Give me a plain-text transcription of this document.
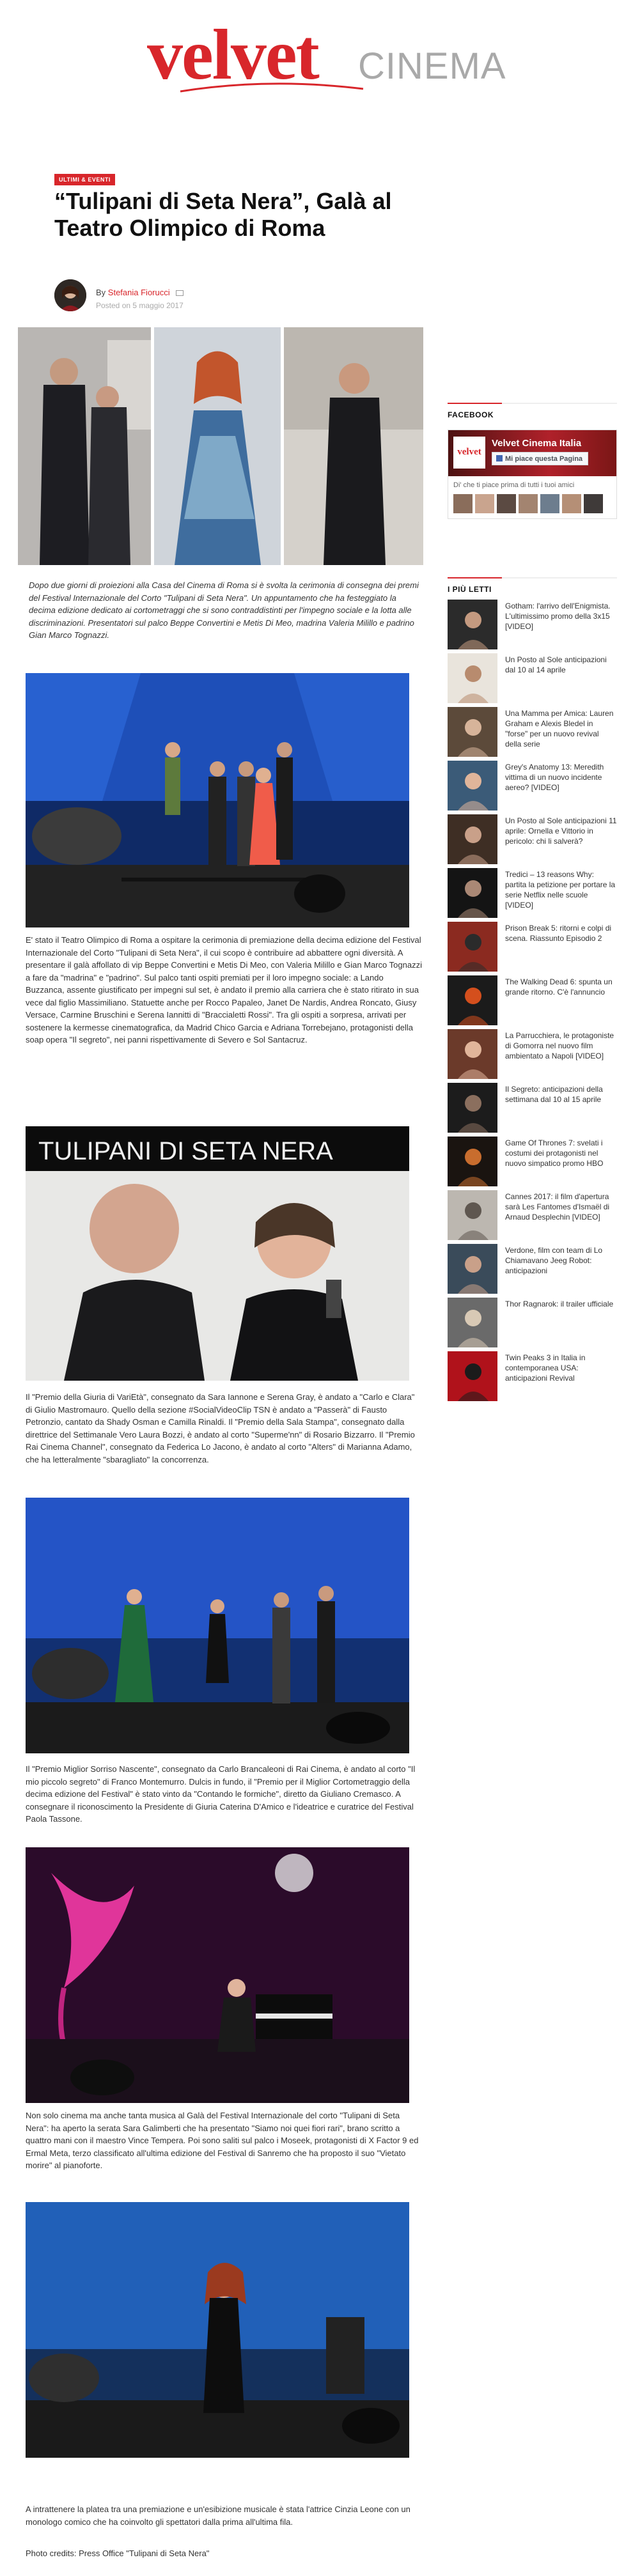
velvet CINEMA
ULTIMI & EVENTI
“Tulipani di Seta Nera”, Galà al Teatro Olimpico di Roma
By Stefania Fiorucci
Posted on 5 maggio 2017

Dopo due giorni di proiezioni alla Casa del Cinema di Roma si è svolta la cerimonia di consegna dei premi del Festival Internazionale del Corto "Tulipani di Seta Nera". Un appuntamento che ha festeggiato la decima edizione dedicato ai cortometraggi che si sono contraddistinti per l'impegno sociale e la lotta alle discriminazioni. Presentatori sul palco Beppe Convertini e Metis Di Meo, madrina Valeria Milillo e padrino Gian Marco Tognazzi.

E' stato il Teatro Olimpico di Roma a ospitare la cerimonia di premiazione della decima edizione del Festival Internazionale del Corto "Tulipani di Seta Nera", il cui scopo è contribuire ad abbattere ogni diversità. A presentare il galà affollato di vip Beppe Convertini e Metis Di Meo, con Valeria Milillo e Gian Marco Tognazzi a fare da "madrina" e "padrino". Sul palco tanti ospiti premiati per il loro impegno sociale: a Lando Buzzanca, assente giustificato per impegni sul set, è andato il premio alla carriera che è stato ritirato in sua vece dal figlio Massimiliano. Statuette anche per Rocco Papaleo, Janet De Nardis, Andrea Roncato, Giusy Versace, Carmine Bruschini e Serena Iannitti di "Braccialetti Rossi". Tra gli ospiti a sorpresa, arrivati per sostenere la kermesse cinematografica, da Madrid Chico Garcia e Adriana Torrebejano, protagonisti della soap opera "Il segreto", nei panni rispettivamente di Severo e Sol Santacruz.

TULIPANI DI SETA NERA

Il "Premio della Giuria di VariEtà", consegnato da Sara Iannone e Serena Gray, è andato a "Carlo e Clara" di Giulio Mastromauro. Quello della sezione #SocialVideoClip TSN è andato a "Passerà" di Fausto Petronzio, cantato da Shady Osman e Camilla Rinaldi. Il "Premio della Sala Stampa", consegnato dalla direttrice del Settimanale Vero Laura Bozzi, è andato al corto "Superme'nn" di Rosario Bizzarro. Il "Premio Rai Cinema Channel", consegnato da Federica Lo Jacono, è andato al corto "Alters" di Marianna Adamo, che ha letteralmente "sbaragliato" la concorrenza.

Il "Premio Miglior Sorriso Nascente", consegnato da Carlo Brancaleoni di Rai Cinema, è andato al corto "Il mio piccolo segreto" di Franco Montemurro. Dulcis in fundo, il "Premio per il Miglior Cortometraggio della decima edizione del Festival" è stato vinto da "Contando le formiche", diretto da Giuliano Cremasco. A consegnare il riconoscimento la Presidente di Giuria Caterina D'Amico e l'ideatrice e curatrice del Festival Paola Tassone.

Non solo cinema ma anche tanta musica al Galà del Festival Internazionale del corto "Tulipani di Seta Nera": ha aperto la serata Sara Galimberti che ha presentato "Siamo noi quei fiori rari", brano scritto a quattro mani con il maestro Vince Tempera. Poi sono saliti sul palco i Moseek, protagonisti di X Factor 9 ed Ermal Meta, terzo classificato all'ultima edizione del Festival di Sanremo che ha proposto il suo "Vietato morire" al pianoforte.

A intrattenere la platea tra una premiazione e un'esibizione musicale è stata l'attrice Cinzia Leone con un monologo comico che ha coinvolto gli spettatori dalla prima all'ultima fila.

Photo credits: Press Office "Tulipani di Seta Nera"

FACEBOOK
velvet
Velvet Cinema Italia
Mi piace questa Pagina
Di' che ti piace prima di tutti i tuoi amici
I PIÙ LETTI
Gotham: l'arrivo dell'Enigmista. L'ultimissimo promo della 3x15 [VIDEO]
Un Posto al Sole anticipazioni dal 10 al 14 aprile
Una Mamma per Amica: Lauren Graham e Alexis Bledel in "forse" per un nuovo revival della serie
Grey's Anatomy 13: Meredith vittima di un nuovo incidente aereo? [VIDEO]
Un Posto al Sole anticipazioni 11 aprile: Ornella e Vittorio in pericolo: chi li salverà?
Tredici – 13 reasons Why: partita la petizione per portare la serie Netflix nelle scuole [VIDEO]
Prison Break 5: ritorni e colpi di scena. Riassunto Episodio 2
The Walking Dead 6: spunta un grande ritorno. C'è l'annuncio
La Parrucchiera, le protagoniste di Gomorra nel nuovo film ambientato a Napoli [VIDEO]
Il Segreto: anticipazioni della settimana dal 10 al 15 aprile
Game Of Thrones 7: svelati i costumi dei protagonisti nel nuovo simpatico promo HBO
Cannes 2017: il film d'apertura sarà Les Fantomes d'Ismaël di Arnaud Desplechin [VIDEO]
Verdone, film con team di Lo Chiamavano Jeeg Robot: anticipazioni
Thor Ragnarok: il trailer ufficiale
Twin Peaks 3 in Italia in contemporanea USA: anticipazioni Revival
